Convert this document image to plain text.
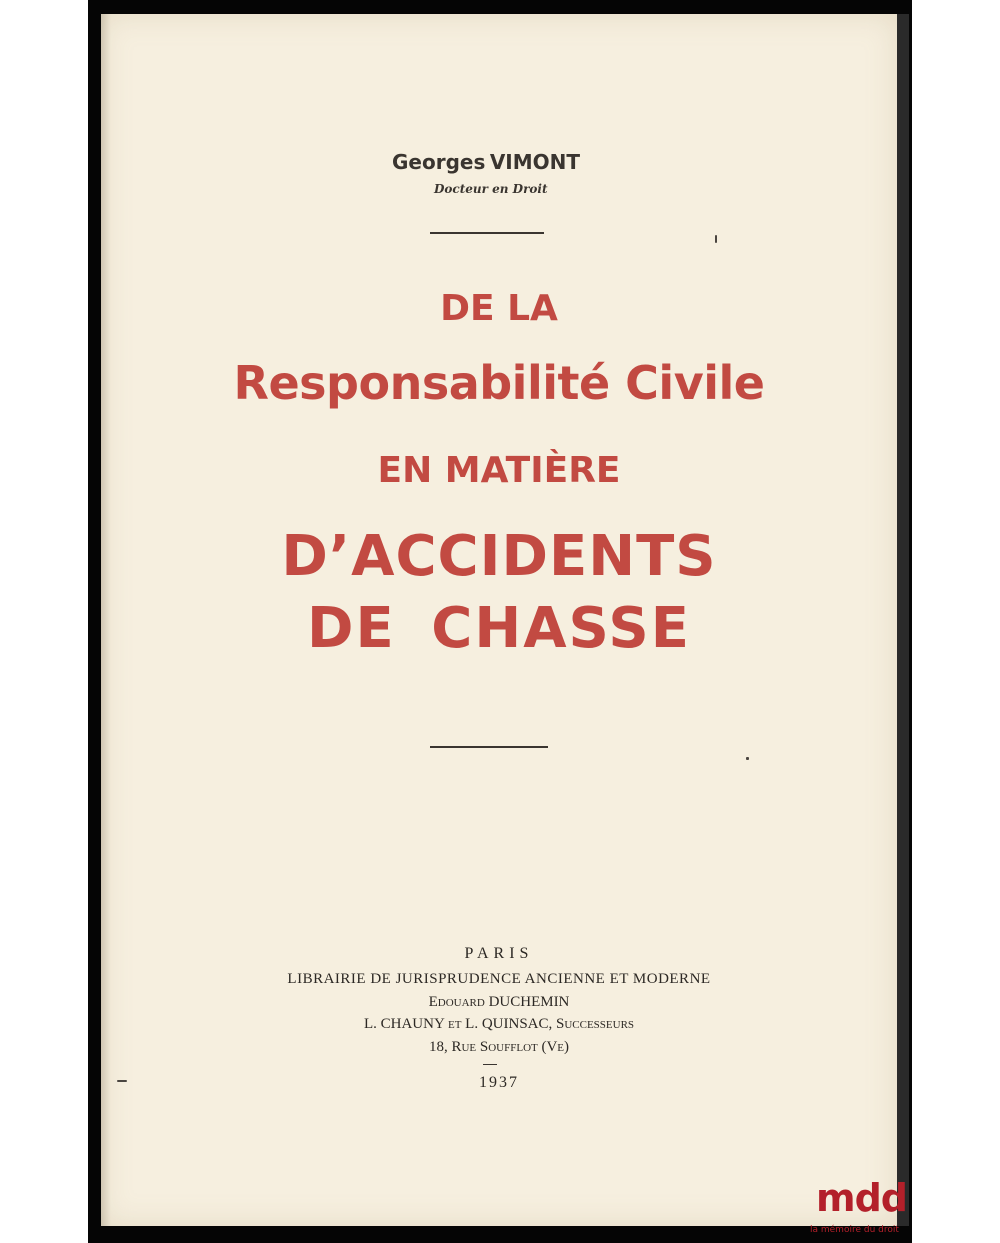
Georges VIMONT
Docteur en Droit
DE LA
Responsabilité Civile
EN MATIÈRE
D’ACCIDENTS
DE CHASSE
PARIS
LIBRAIRIE DE JURISPRUDENCE ANCIENNE ET MODERNE
Edouard DUCHEMIN
L. CHAUNY et L. QUINSAC, Successeurs
18, Rue Soufflot (Ve)
1937
mdd
la mémoire du droit
